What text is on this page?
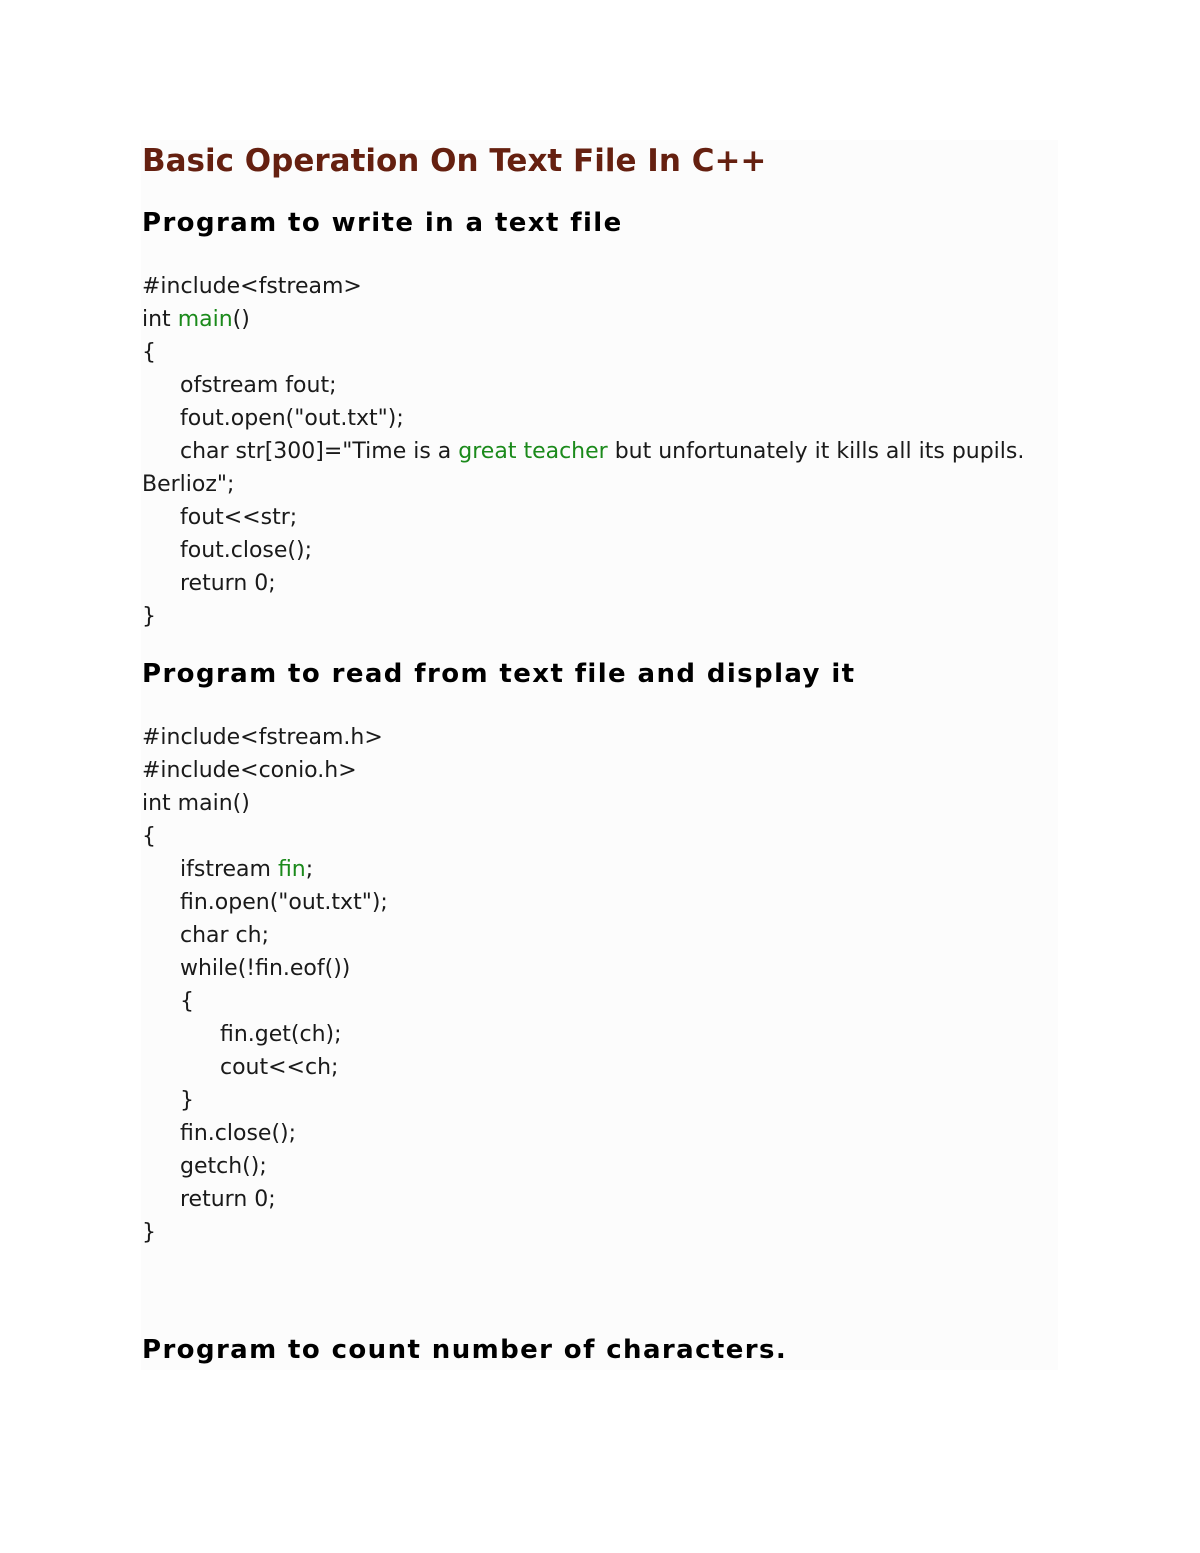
Basic Operation On Text File In C++
Program to write in a text file
#include<fstream>
int main()
{
ofstream fout;
fout.open("out.txt");
char str[300]="Time is a great teacher but unfortunately it kills all its pupils.
Berlioz";
fout<<str;
fout.close();
return 0;
}
Program to read from text file and display it
#include<fstream.h>
#include<conio.h>
int main()
{
ifstream fin;
fin.open("out.txt");
char ch;
while(!fin.eof())
{
fin.get(ch);
cout<<ch;
}
fin.close();
getch();
return 0;
}
Program to count number of characters.
